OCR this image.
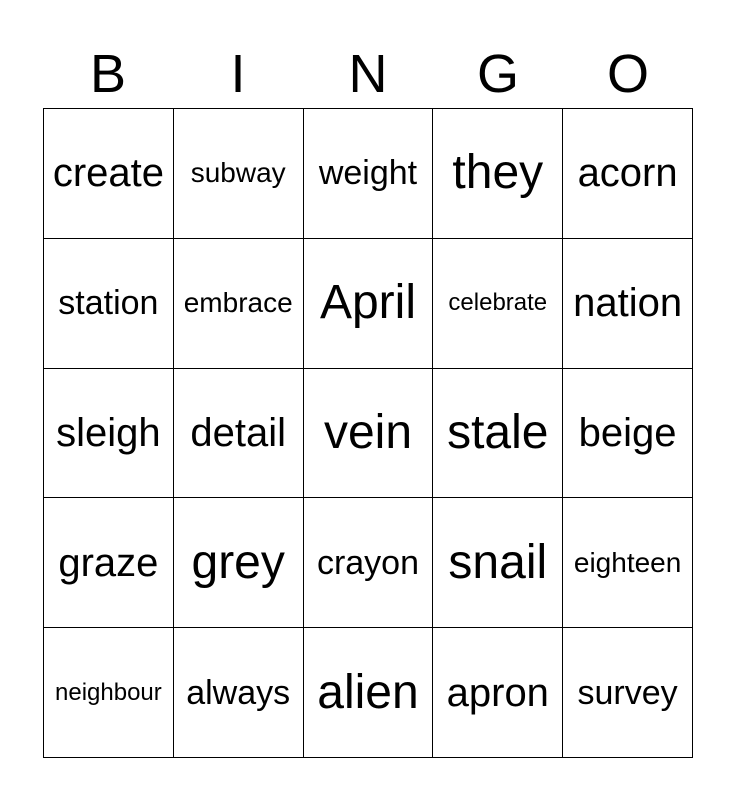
B	I	N	G	O
create subway weight they acorn
station embrace April	celebrate nation
sleigh detail vein stale beige
graze grey crayon snail eighteen
neighbour always alien apron survey
